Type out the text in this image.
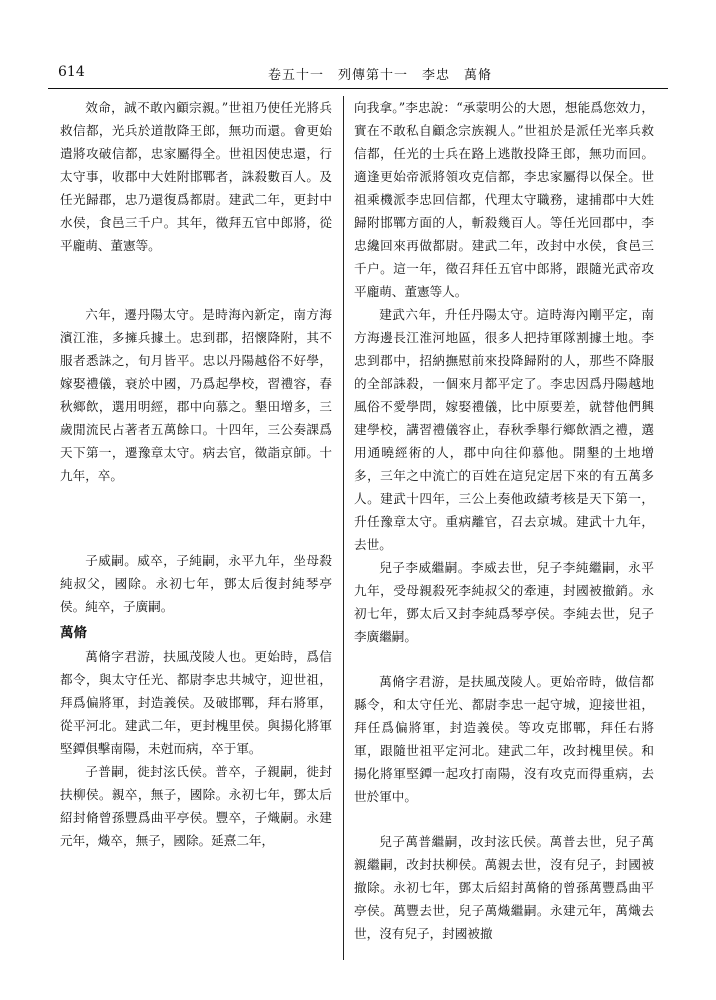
614	卷五十一　列傳第十一　李忠　萬脩

效命，誠不敢內顧宗親。”世祖乃使任光將兵救信都，光兵於道散降王郎，無功而還。會更始遣將攻破信都，忠家屬得全。世祖因使忠還，行太守事，收郡中大姓附邯鄲者，誅殺數百人。及任光歸郡，忠乃還復爲都尉。建武二年，更封中水侯，食邑三千户。其年，徵拜五官中郎將，從平龐萌、董憲等。

六年，遷丹陽太守。是時海內新定，南方海濱江淮，多擁兵據土。忠到郡，招懷降附，其不服者悉誅之，旬月皆平。忠以丹陽越俗不好學，嫁娶禮儀，衰於中國，乃爲起學校，習禮容，春秋鄉飲，選用明經，郡中向慕之。墾田增多，三歲閒流民占著者五萬餘口。十四年，三公奏課爲天下第一，遷豫章太守。病去官，徵詣京師。十九年，卒。

子威嗣。威卒，子純嗣，永平九年，坐母殺純叔父，國除。永初七年，鄧太后復封純琴亭侯。純卒，子廣嗣。

萬脩

萬脩字君游，扶風茂陵人也。更始時，爲信都令，與太守任光、都尉李忠共城守，迎世祖，拜爲偏將軍，封造義侯。及破邯鄲，拜右將軍，從平河北。建武二年，更封槐里侯。與揚化將軍堅鐔俱擊南陽，未尅而病，卒于軍。

子普嗣，徙封泫氏侯。普卒，子親嗣，徙封扶柳侯。親卒，無子，國除。永初七年，鄧太后紹封脩曾孫豐爲曲平亭侯。豐卒，子熾嗣。永建元年，熾卒，無子，國除。延熹二年，

向我拿。”李忠說：“承蒙明公的大恩，想能爲您效力，實在不敢私自顧念宗族親人。”世祖於是派任光率兵救信都，任光的士兵在路上逃散投降王郎，無功而回。適逢更始帝派將領攻克信都，李忠家屬得以保全。世祖乘機派李忠回信都，代理太守職務，逮捕郡中大姓歸附邯鄲方面的人，斬殺幾百人。等任光回郡中，李忠纔回來再做都尉。建武二年，改封中水侯，食邑三千户。這一年，徵召拜任五官中郎將，跟隨光武帝攻平龐萌、董憲等人。

建武六年，升任丹陽太守。這時海內剛平定，南方海邊長江淮河地區，很多人把持軍隊割據土地。李忠到郡中，招納撫慰前來投降歸附的人，那些不降服的全部誅殺，一個來月都平定了。李忠因爲丹陽越地風俗不愛學問，嫁娶禮儀，比中原要差，就替他們興建學校，講習禮儀容止，春秋季舉行鄉飲酒之禮，選用通曉經術的人，郡中向往仰慕他。開墾的土地增多，三年之中流亡的百姓在這兒定居下來的有五萬多人。建武十四年，三公上奏他政績考核是天下第一，升任豫章太守。重病離官，召去京城。建武十九年，去世。

兒子李威繼嗣。李威去世，兒子李純繼嗣，永平九年，受母親殺死李純叔父的牽連，封國被撤銷。永初七年，鄧太后又封李純爲琴亭侯。李純去世，兒子李廣繼嗣。

萬脩字君游，是扶風茂陵人。更始帝時，做信都縣令，和太守任光、都尉李忠一起守城，迎接世祖，拜任爲偏將軍，封造義侯。等攻克邯鄲，拜任右將軍，跟隨世祖平定河北。建武二年，改封槐里侯。和揚化將軍堅鐔一起攻打南陽，沒有攻克而得重病，去世於軍中。

兒子萬普繼嗣，改封泫氏侯。萬普去世，兒子萬親繼嗣，改封扶柳侯。萬親去世，沒有兒子，封國被撤除。永初七年，鄧太后紹封萬脩的曾孫萬豐爲曲平亭侯。萬豐去世，兒子萬熾繼嗣。永建元年，萬熾去世，沒有兒子，封國被撤
